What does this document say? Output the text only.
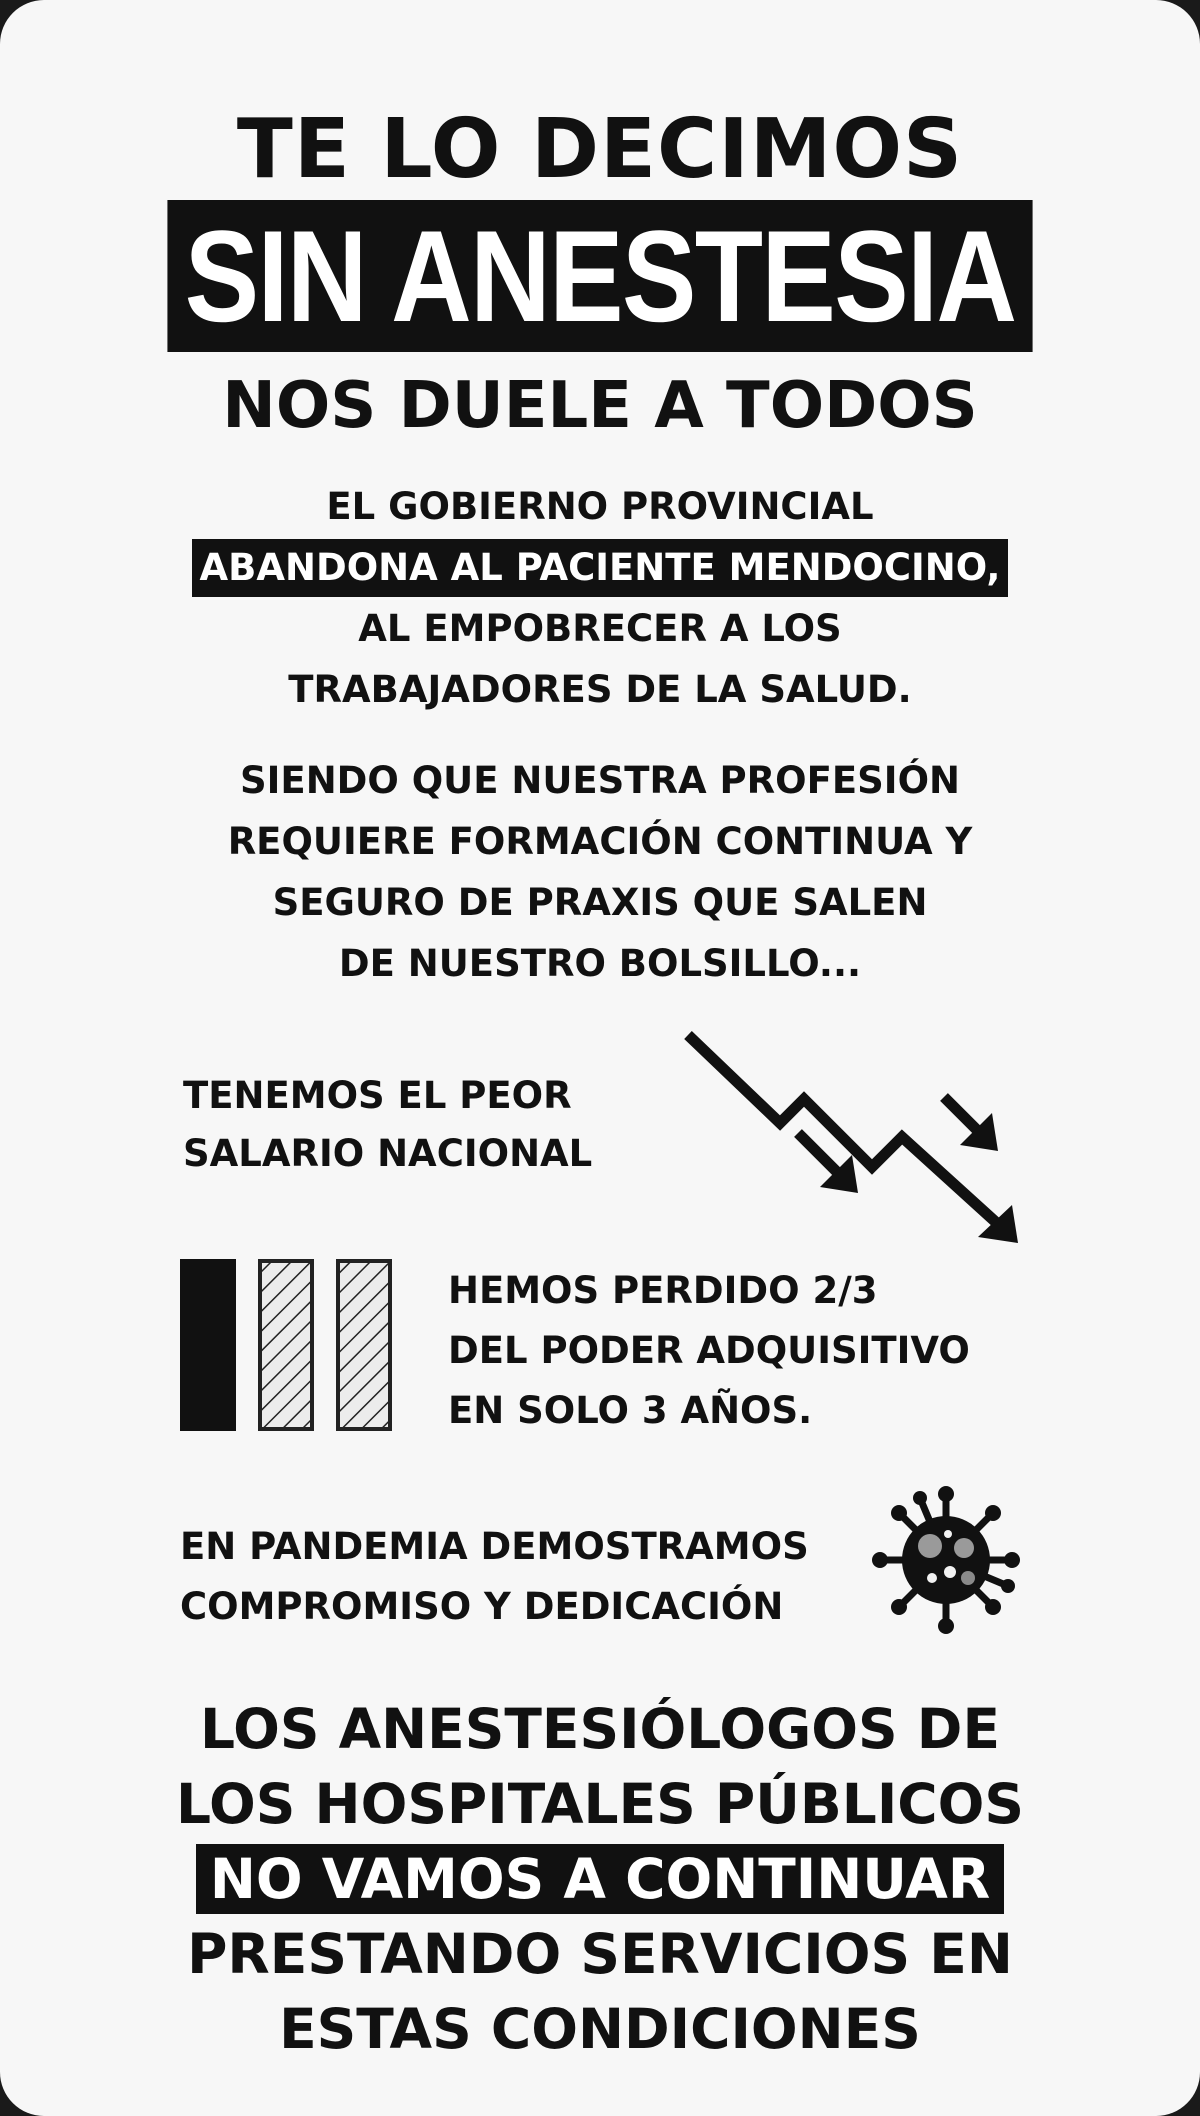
TE LO DECIMOS
SIN ANESTESIA
NOS DUELE A TODOS
EL GOBIERNO PROVINCIAL
ABANDONA AL PACIENTE MENDOCINO,
AL EMPOBRECER A LOS
TRABAJADORES DE LA SALUD.
SIENDO QUE NUESTRA PROFESIÓN
REQUIERE FORMACIÓN CONTINUA Y
SEGURO DE PRAXIS QUE SALEN
DE NUESTRO BOLSILLO...
TENEMOS EL PEOR
SALARIO NACIONAL
HEMOS PERDIDO 2/3
DEL PODER ADQUISITIVO
EN SOLO 3 AÑOS.
EN PANDEMIA DEMOSTRAMOS
COMPROMISO Y DEDICACIÓN
LOS ANESTESIÓLOGOS DE
LOS HOSPITALES PÚBLICOS
NO VAMOS A CONTINUAR
PRESTANDO SERVICIOS EN
ESTAS CONDICIONES
